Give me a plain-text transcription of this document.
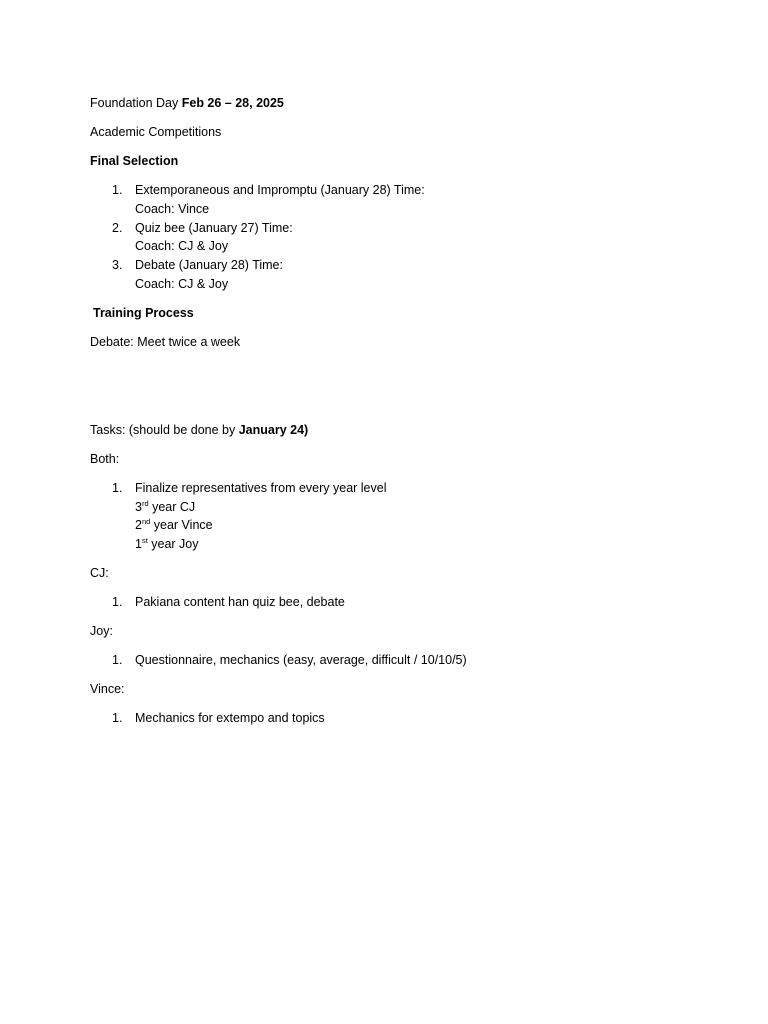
Foundation Day Feb 26 – 28, 2025

Academic Competitions

Final Selection

1. Extemporaneous and Impromptu (January 28) Time:
Coach: Vince
2. Quiz bee (January 27) Time:
Coach: CJ & Joy
3. Debate (January 28) Time:
Coach: CJ & Joy

Training Process

Debate: Meet twice a week

Tasks: (should be done by January 24)

Both:

1. Finalize representatives from every year level
3rd year CJ
2nd year Vince
1st year Joy

CJ:

1. Pakiana content han quiz bee, debate

Joy:

1. Questionnaire, mechanics (easy, average, difficult / 10/10/5)

Vince:

1. Mechanics for extempo and topics
